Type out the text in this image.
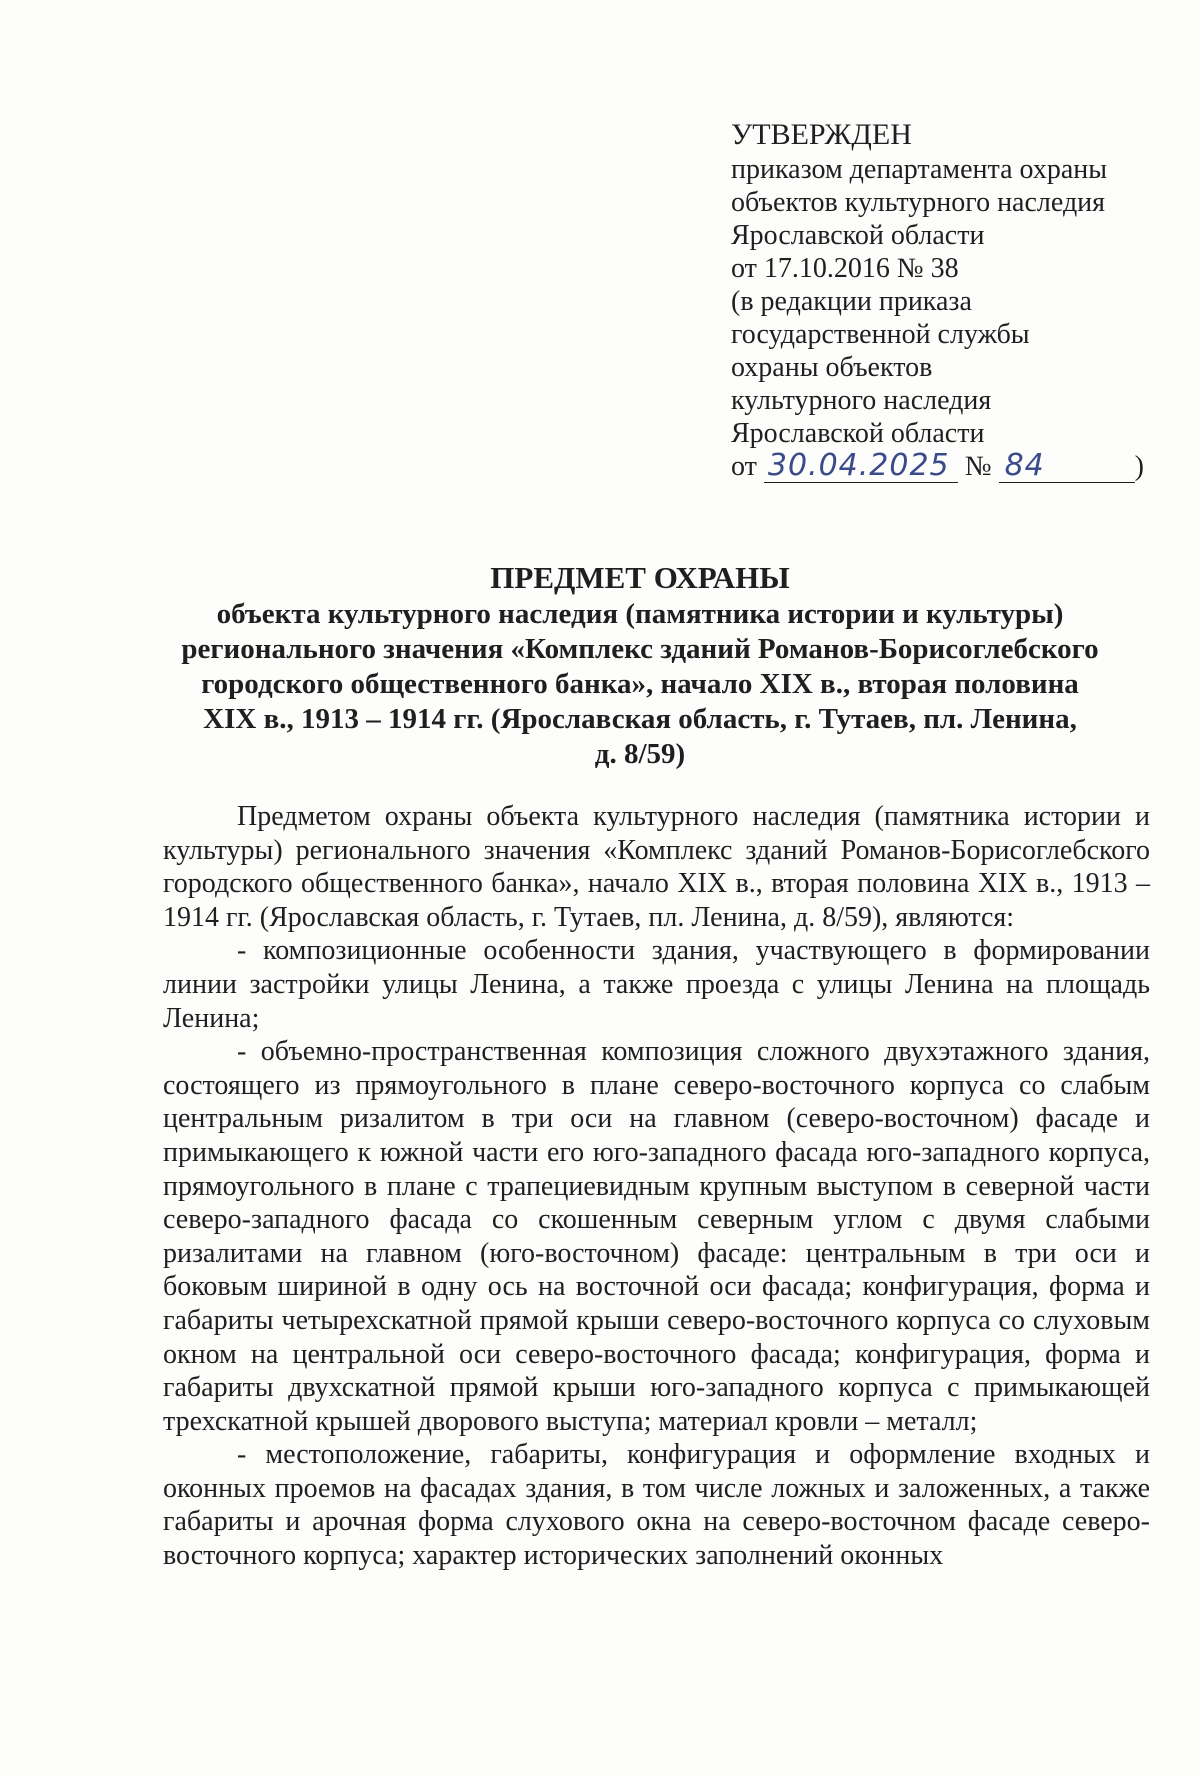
УТВЕРЖДЕН
приказом департамента охраны
объектов культурного наследия
Ярославской области
от 17.10.2016 № 38
(в редакции приказа
государственной службы
охраны объектов
культурного наследия
Ярославской области
от 30.04.2025 № 84	)
ПРЕДМЕТ ОХРАНЫ
объекта культурного наследия (памятника истории и культуры)
регионального значения «Комплекс зданий Романов-Борисоглебского
городского общественного банка», начало XIX в., вторая половина
XIX в., 1913 – 1914 гг. (Ярославская область, г. Тутаев, пл. Ленина,
д. 8/59)

Предметом охраны объекта культурного наследия (памятника истории и культуры) регионального значения «Комплекс зданий Романов-Борисоглебского городского общественного банка», начало XIX в., вторая половина XIX в., 1913 – 1914 гг. (Ярославская область, г. Тутаев, пл. Ленина, д. 8/59), являются:

- композиционные особенности здания, участвующего в формировании линии застройки улицы Ленина, а также проезда с улицы Ленина на площадь Ленина;

- объемно-пространственная композиция сложного двухэтажного здания, состоящего из прямоугольного в плане северо-восточного корпуса со слабым центральным ризалитом в три оси на главном (северо-восточном) фасаде и примыкающего к южной части его юго-западного фасада юго-западного корпуса, прямоугольного в плане с трапециевидным крупным выступом в северной части северо-западного фасада со скошенным северным углом с двумя слабыми ризалитами на главном (юго-восточном) фасаде: центральным в три оси и боковым шириной в одну ось на восточной оси фасада; конфигурация, форма и габариты четырехскатной прямой крыши северо-восточного корпуса со слуховым окном на центральной оси северо-восточного фасада; конфигурация, форма и габариты двухскатной прямой крыши юго-западного корпуса с примыкающей трехскатной крышей дворового выступа; материал кровли – металл;

- местоположение, габариты, конфигурация и оформление входных и оконных проемов на фасадах здания, в том числе ложных и заложенных, а также габариты и арочная форма слухового окна на северо-восточном фасаде северо-восточного корпуса; характер исторических заполнений оконных
